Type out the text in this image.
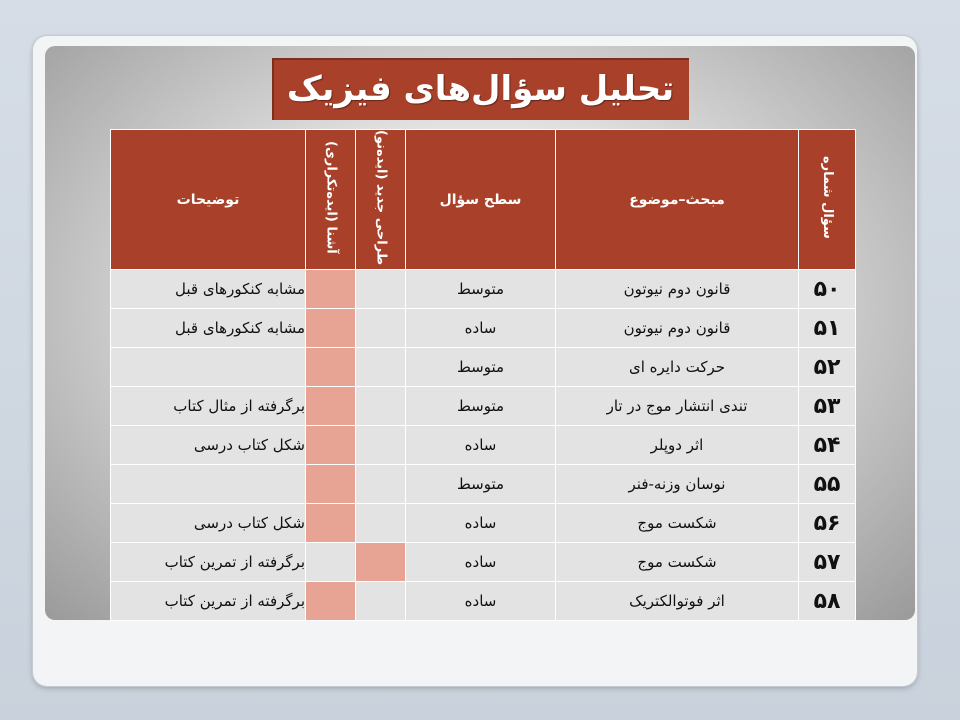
تحلیل سؤال‌های فیزیک
سؤال شماره	مبحث–موضوع	سطح سؤال	طراحی جدید (ایده‌نو)	آشنا (ایده‌تکراری)	توضیحات
۵۰	قانون دوم نیوتون	متوسط			مشابه کنکورهای قبل
۵۱	قانون دوم نیوتون	ساده			مشابه کنکورهای قبل
۵۲	حرکت دایره ای	متوسط			
۵۳	تندی انتشار موج در تار	متوسط			برگرفته از مثال کتاب
۵۴	اثر دوپلر	ساده			شکل کتاب درسی
۵۵	نوسان وزنه-فنر	متوسط			
۵۶	شکست موج	ساده			شکل کتاب درسی
۵۷	شکست موج	ساده			برگرفته از تمرین کتاب
۵۸	اثر فوتوالکتریک	ساده			برگرفته از تمرین کتاب
